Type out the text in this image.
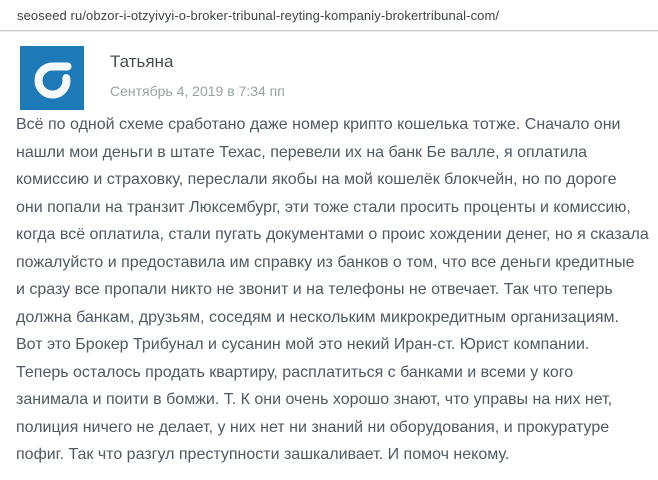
seoseed ru/obzor-i-otzyivyi-o-broker-tribunal-reyting-kompaniy-brokertribunal-com/
Татьяна
Сентябрь 4, 2019 в 7:34 пп

Всё по одной схеме сработано даже номер крипто кошелька тотже. Сначало они
нашли мои деньги в штате Техас, перевели их на банк Бе валле, я оплатила
комиссию и страховку, переслали якобы на мой кошелёк блокчейн, но по дороге
они попали на транзит Люксембург, эти тоже стали просить проценты и комиссию,
когда всё оплатила, стали пугать документами о проис хождении денег, но я сказала
пожалуйсто и предоставила им справку из банков о том, что все деньги кредитные
и сразу все пропали никто не звонит и на телефоны не отвечает. Так что теперь
должна банкам, друзьям, соседям и нескольким микрокредитным организациям.
Вот это Брокер Трибунал и сусанин мой это некий Иран-ст. Юрист компании.
Теперь осталось продать квартиру, расплатиться с банками и всеми у кого
занимала и поити в бомжи. Т. К они очень хорошо знают, что управы на них нет,
полиция ничего не делает, у них нет ни знаний ни оборудования, и прокуратуре
пофиг. Так что разгул преступности зашкаливает. И помоч некому.
